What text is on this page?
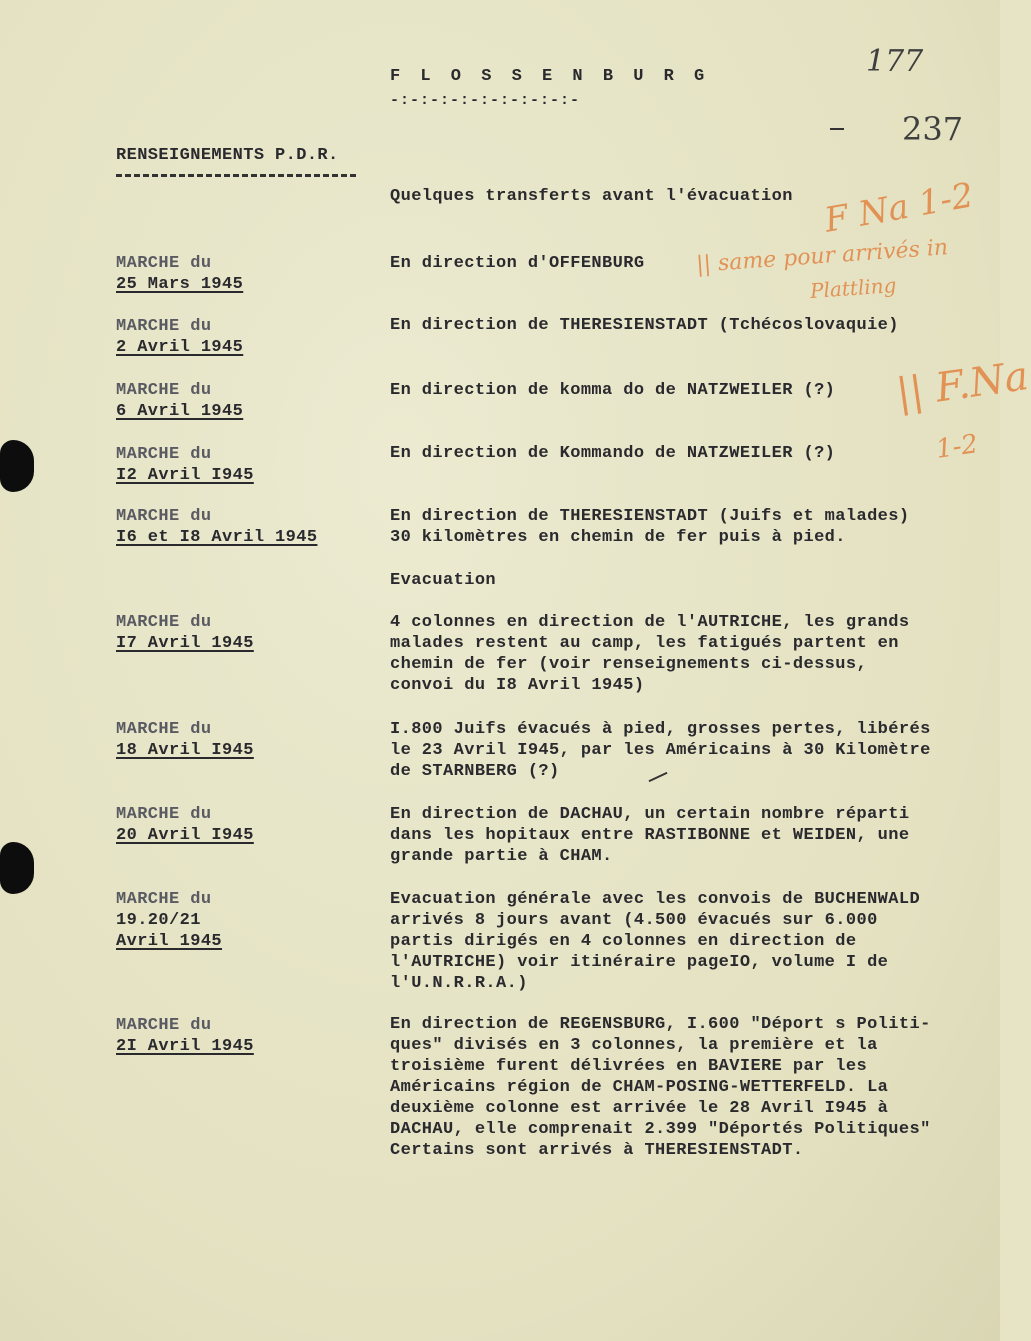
F L O S S E N B U R G
-:-:-:-:-:-:-:-:-:-
177
237
RENSEIGNEMENTS P.D.R.
Quelques transferts avant l'évacuation
MARCHE du
25 Mars 1945
En direction d'OFFENBURG
MARCHE du
2 Avril 1945
En direction de THERESIENSTADT (Tchécoslovaquie)
MARCHE du
6 Avril 1945
En direction de komma do de NATZWEILER (?)
MARCHE du
I2 Avril I945
En direction de Kommando de NATZWEILER (?)
MARCHE du
I6 et I8 Avril 1945
En direction de THERESIENSTADT (Juifs et malades)
30 kilomètres en chemin de fer puis à pied.
Evacuation
MARCHE du
I7 Avril 1945
4 colonnes en direction de l'AUTRICHE, les grands
malades restent au camp, les fatigués partent en
chemin de fer (voir renseignements ci-dessus,
convoi du I8 Avril 1945)
MARCHE du
18 Avril I945
I.800 Juifs évacués à pied, grosses pertes, libérés
le 23 Avril I945, par les Américains à 30 Kilomètre
de STARNBERG (?)
MARCHE du
20 Avril I945
En direction de DACHAU, un certain nombre réparti
dans les hopitaux entre RASTIBONNE et WEIDEN, une
grande partie à CHAM.
MARCHE du
19.20/21
Avril 1945
Evacuation générale avec les convois de BUCHENWALD
arrivés 8 jours avant (4.500 évacués sur 6.000
partis dirigés en 4 colonnes en direction de
l'AUTRICHE) voir itinéraire pageIO, volume I de
l'U.N.R.R.A.)
MARCHE du
2I Avril 1945
En direction de REGENSBURG, I.600 "Déport s Politi-
ques" divisés en 3 colonnes, la première et la
troisième furent délivrées en BAVIERE par les
Américains région de CHAM-POSING-WETTERFELD. La
deuxième colonne est arrivée le 28 Avril I945 à
DACHAU, elle comprenait 2.399 "Déportés Politiques"
Certains sont arrivés à THERESIENSTADT.
F Na 1-2
|| same pour arrivés in
Plattling
|| F.Na
1-2
